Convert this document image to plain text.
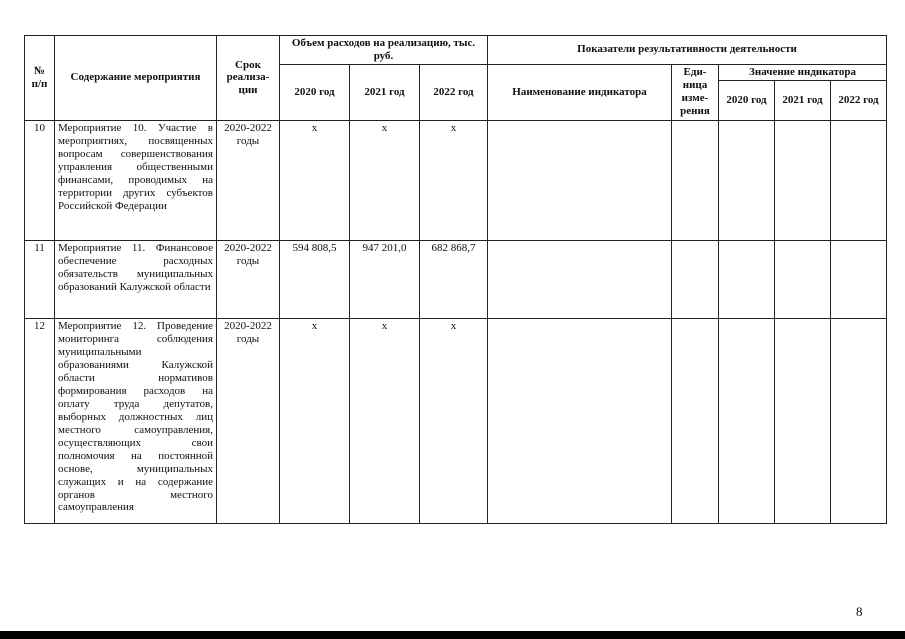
№ п/п	Содержание мероприятия	Срок реализа-ции	Объем расходов на реализацию, тыс. руб.			Показатели результативности деятельности				
			2020 год	2021 год	2022 год	Наименование индикатора	Еди-ница изме-рения	Значение индикатора		
								2020 год	2021 год	2022 год
10	Мероприятие 10. Участие в мероприятиях, посвященных вопросам совершенствования управления общественными финансами, проводимых на территории других субъектов Российской Федерации	2020-2022 годы	х	х	х					
11	Мероприятие 11. Финансовое обеспечение расходных обязательств муниципальных образований Калужской области	2020-2022 годы	594 808,5	947 201,0	682 868,7					
12	Мероприятие 12. Проведение мониторинга соблюдения муниципальными образованиями Калужской области нормативов формирования расходов на оплату труда депутатов, выборных должностных лиц местного самоуправления, осуществляющих свои полномочия на постоянной основе, муниципальных служащих и на содержание органов местного самоуправления	2020-2022 годы	х	х	х					
8
